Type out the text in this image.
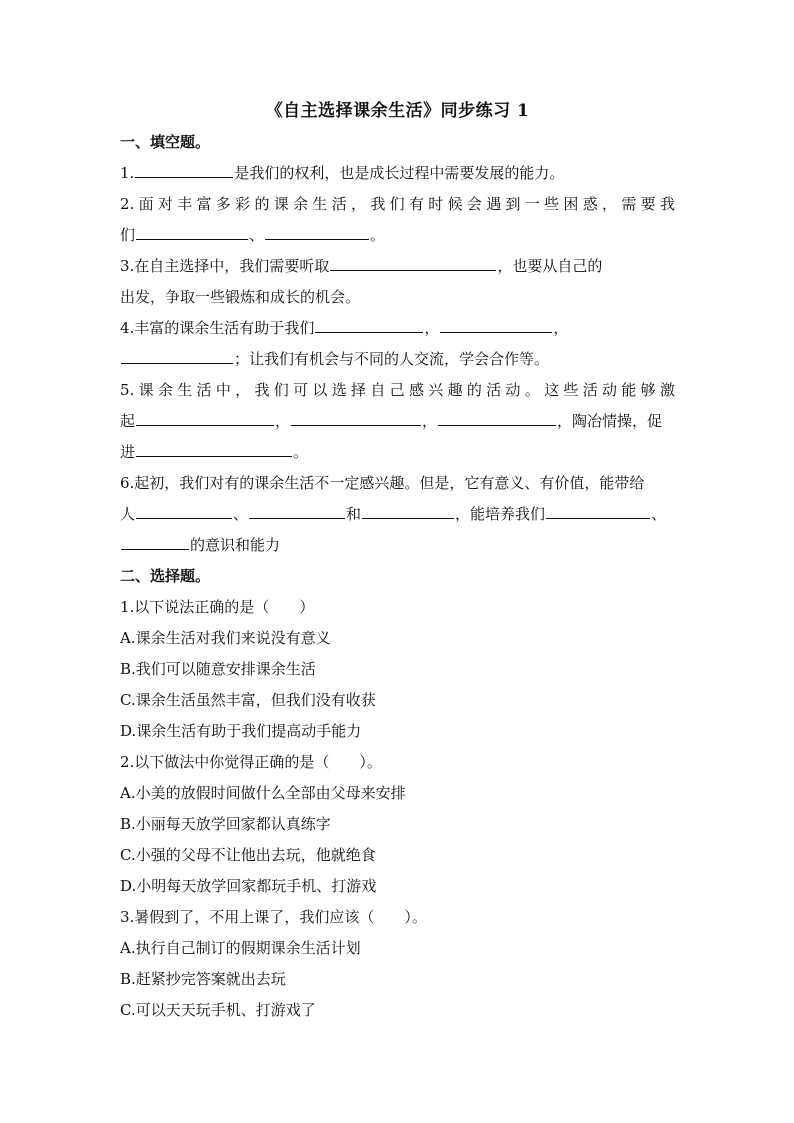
《自主选择课余生活》同步练习 1
一、填空题。
1.	是我们的权利，也是成长过程中需要发展的能力。
2.面对丰富多彩的课余生活，我们有时候会遇到一些困惑，需要我
们	、	。
3.在自主选择中，我们需要听取	，也要从自己的
出发，争取一些锻炼和成长的机会。
4.丰富的课余生活有助于我们	，	，
；让我们有机会与不同的人交流，学会合作等。
5.课余生活中，我们可以选择自己感兴趣的活动。这些活动能够激
起	，	，	，陶冶情操，促
进	。
6.起初，我们对有的课余生活不一定感兴趣。但是，它有意义、有价值，能带给
人	、	和	，能培养我们	、
的意识和能力
二、选择题。
1.以下说法正确的是（　　）
A.课余生活对我们来说没有意义
B.我们可以随意安排课余生活
C.课余生活虽然丰富，但我们没有收获
D.课余生活有助于我们提高动手能力
2.以下做法中你觉得正确的是（　　）。
A.小美的放假时间做什么全部由父母来安排
B.小丽每天放学回家都认真练字
C.小强的父母不让他出去玩，他就绝食
D.小明每天放学回家都玩手机、打游戏
3.暑假到了，不用上课了，我们应该（　　）。
A.执行自己制订的假期课余生活计划
B.赶紧抄完答案就出去玩
C.可以天天玩手机、打游戏了
